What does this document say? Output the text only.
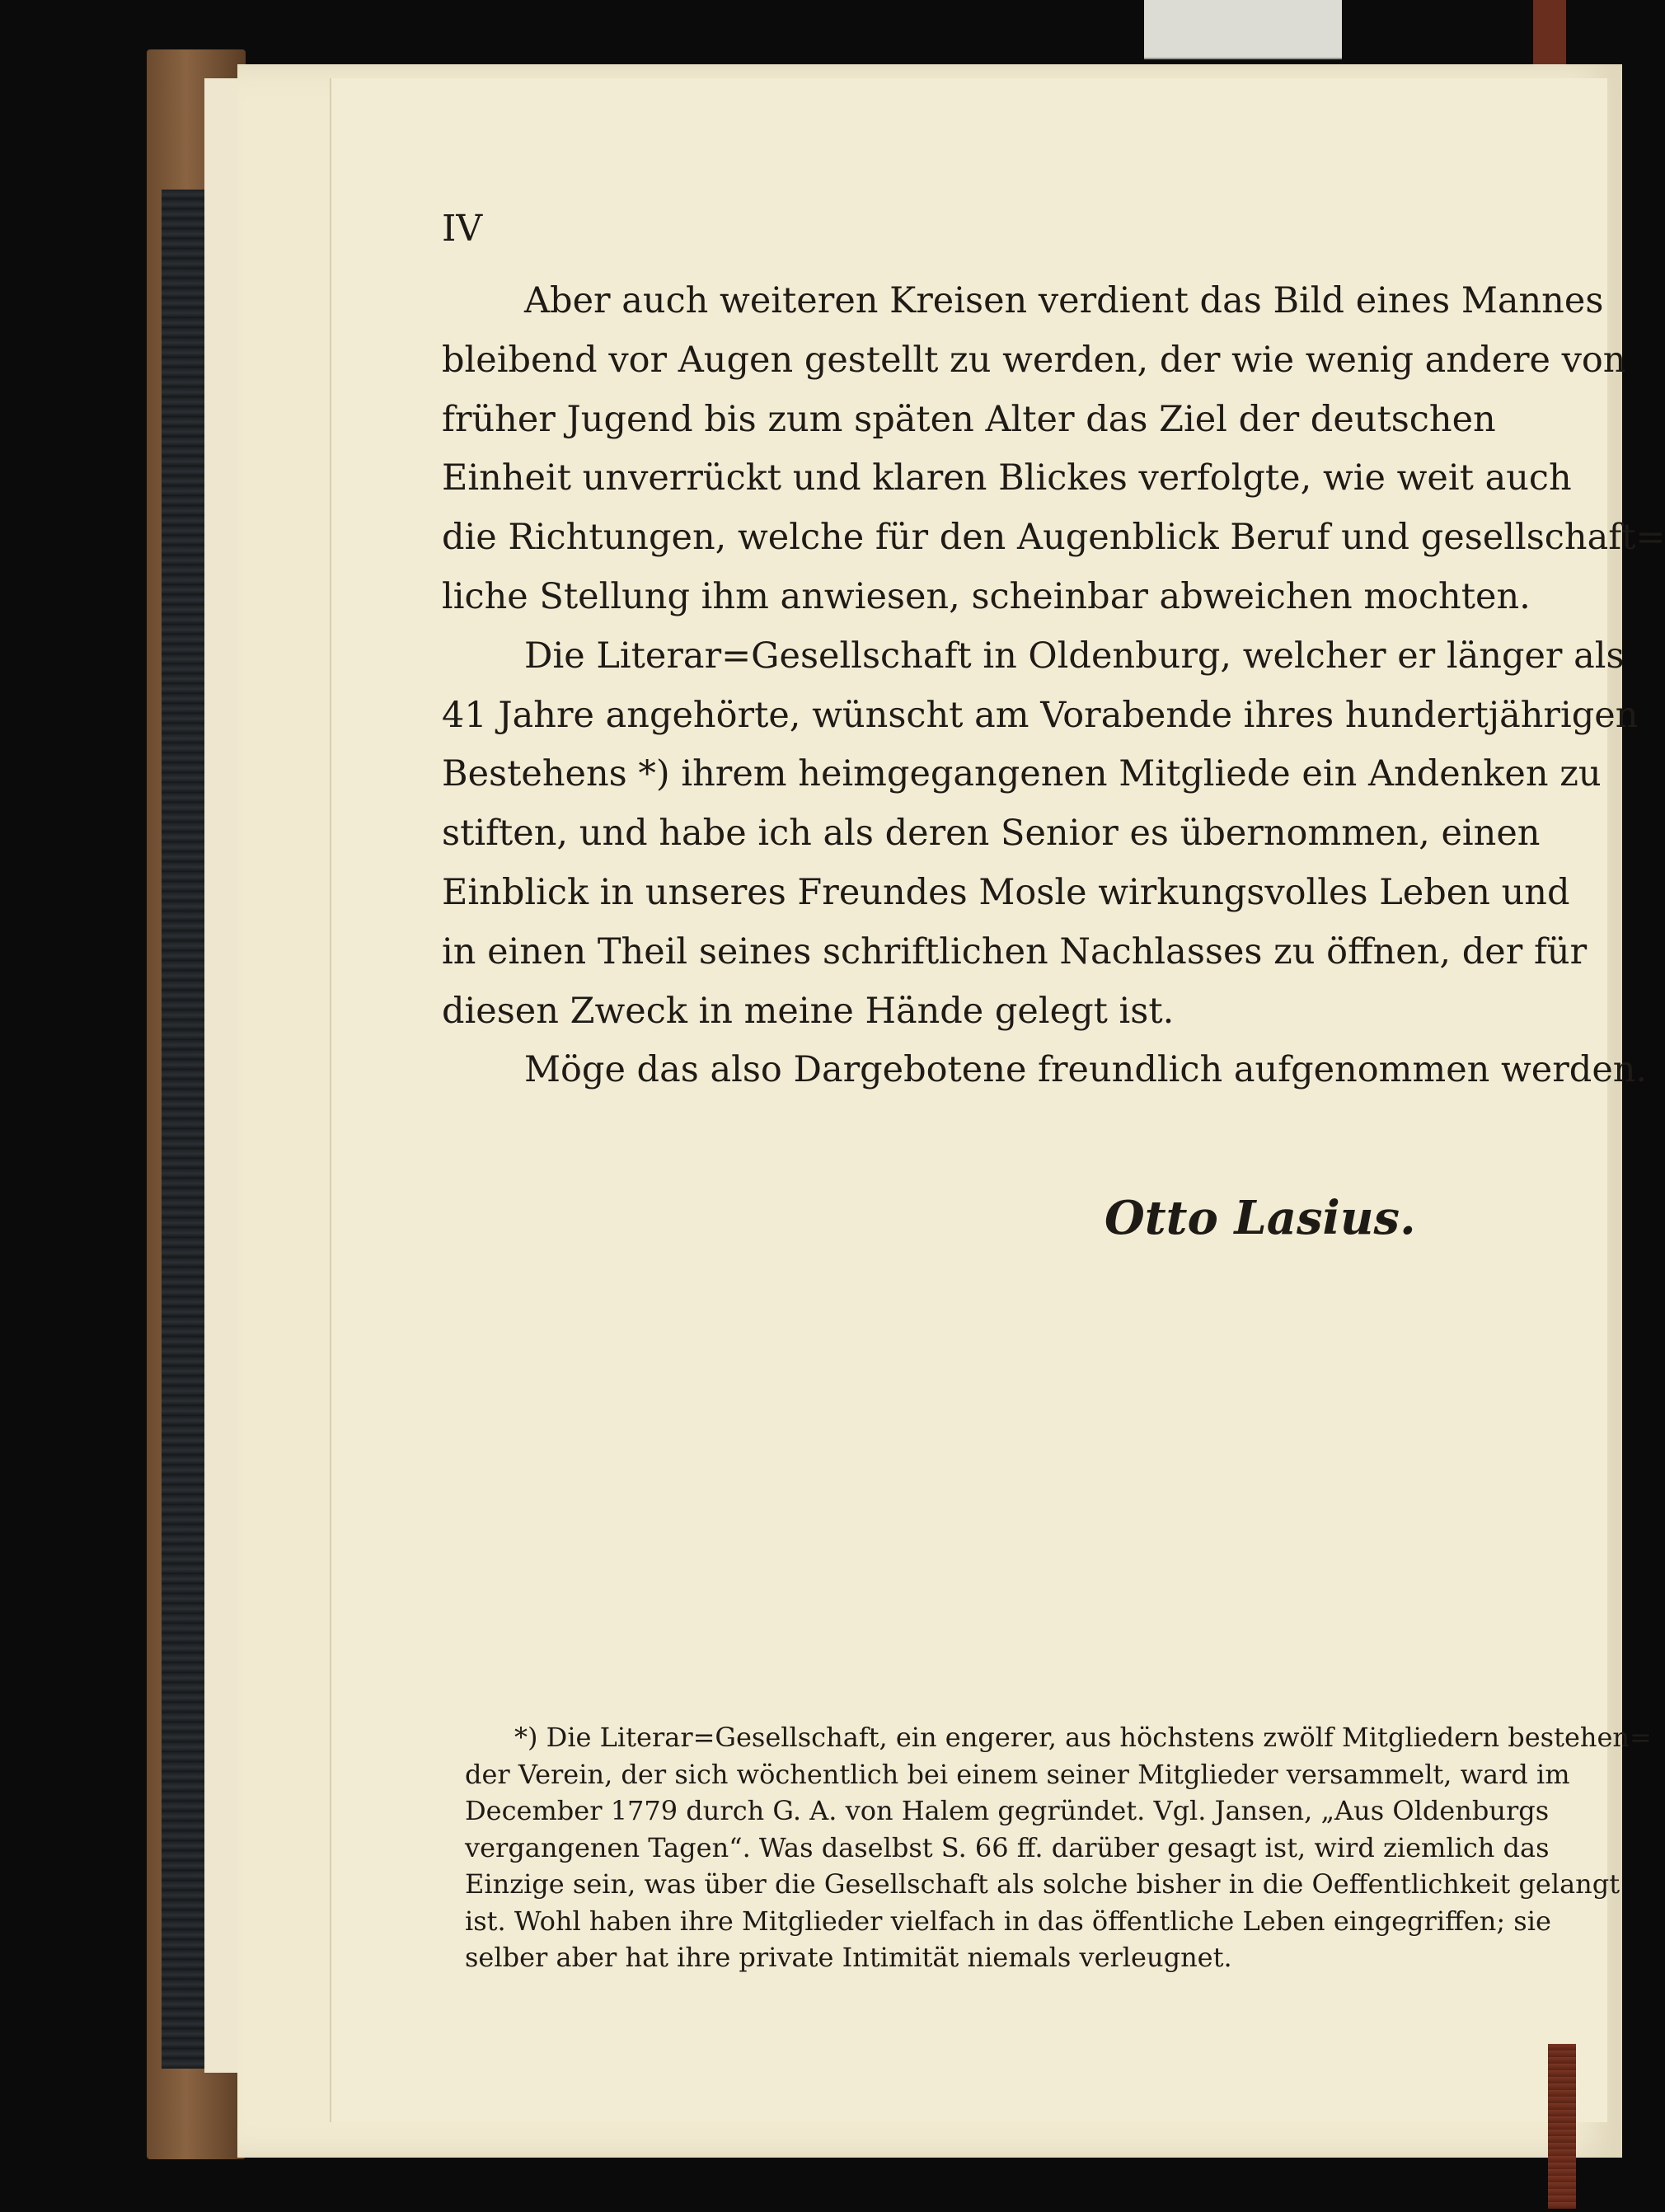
IV
Aber auch weiteren Kreisen verdient das Bild eines Mannes
bleibend vor Augen gestellt zu werden, der wie wenig andere von
früher Jugend bis zum späten Alter das Ziel der deutschen
Einheit unverrückt und klaren Blickes verfolgte, wie weit auch
die Richtungen, welche für den Augenblick Beruf und gesellschaft=
liche Stellung ihm anwiesen, scheinbar abweichen mochten.
Die Literar=Gesellschaft in Oldenburg, welcher er länger als
41 Jahre angehörte, wünscht am Vorabende ihres hundertjährigen
Bestehens *) ihrem heimgegangenen Mitgliede ein Andenken zu
stiften, und habe ich als deren Senior es übernommen, einen
Einblick in unseres Freundes Mosle wirkungsvolles Leben und
in einen Theil seines schriftlichen Nachlasses zu öffnen, der für
diesen Zweck in meine Hände gelegt ist.
Möge das also Dargebotene freundlich aufgenommen werden.
Otto Lasius.
*) Die Literar=Gesellschaft, ein engerer, aus höchstens zwölf Mitgliedern bestehen=
der Verein, der sich wöchentlich bei einem seiner Mitglieder versammelt, ward im
December 1779 durch G. A. von Halem gegründet. Vgl. Jansen, „Aus Oldenburgs
vergangenen Tagen“. Was daselbst S. 66 ff. darüber gesagt ist, wird ziemlich das
Einzige sein, was über die Gesellschaft als solche bisher in die Oeffentlichkeit gelangt
ist. Wohl haben ihre Mitglieder vielfach in das öffentliche Leben eingegriffen; sie
selber aber hat ihre private Intimität niemals verleugnet.
